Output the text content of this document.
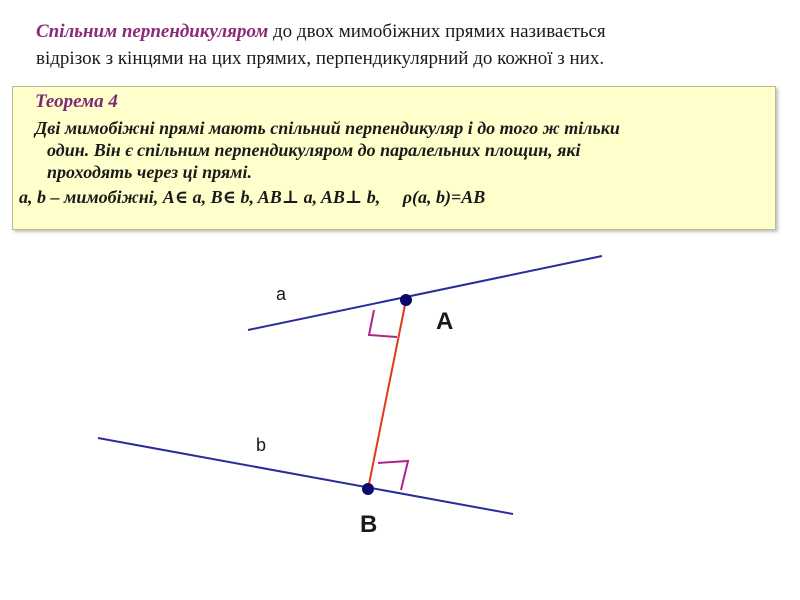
Спільним перпендикуляром до двох мимобіжних прямих називається
відрізок з кінцями на цих прямих, перпендикулярний до кожної з них.
Теорема 4
Дві мимобіжні прямі мають спільний перпендикуляр і до того ж тільки
один. Він є спільним перпендикуляром до паралельних площин, які
проходять через ці прямі.
a, b – мимобіжні, A∈ a, B∈ b, AB⊥ a, AB⊥ b,     ρ(a, b)=AB
a
b
A
B
